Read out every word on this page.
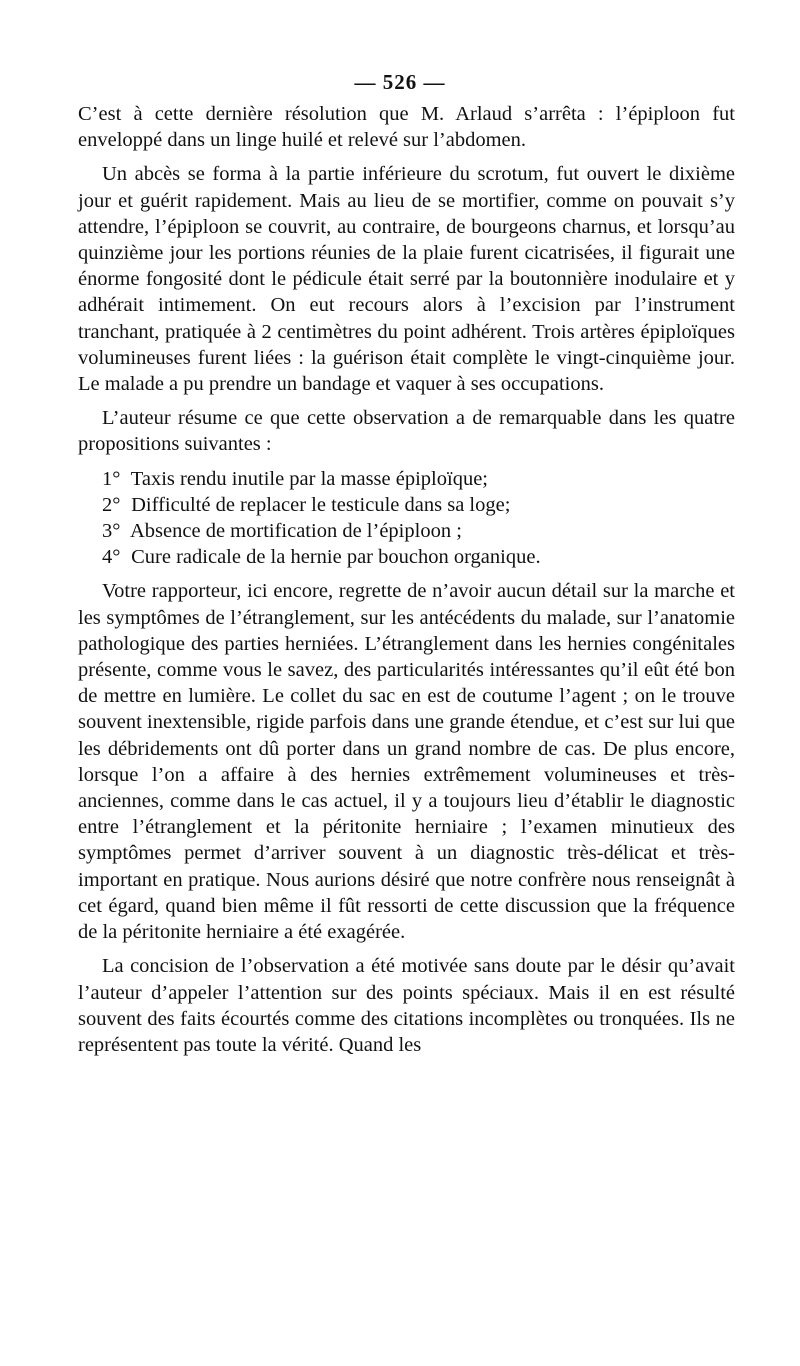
— 526 —

C’est à cette dernière résolution que M. Arlaud s’arrêta : l’épiploon fut enveloppé dans un linge huilé et relevé sur l’abdomen.

Un abcès se forma à la partie inférieure du scrotum, fut ouvert le dixième jour et guérit rapidement. Mais au lieu de se mortifier, comme on pouvait s’y attendre, l’épiploon se couvrit, au contraire, de bourgeons charnus, et lorsqu’au quinzième jour les portions réunies de la plaie furent cicatrisées, il figurait une énorme fongosité dont le pédicule était serré par la boutonnière inodulaire et y adhérait intimement. On eut recours alors à l’excision par l’instrument tranchant, pratiquée à 2 centimètres du point adhérent. Trois artères épiploïques volumineuses furent liées : la guérison était complète le vingt-cinquième jour. Le malade a pu prendre un bandage et vaquer à ses occupations.

L’auteur résume ce que cette observation a de remarquable dans les quatre propositions suivantes :

1° Taxis rendu inutile par la masse épiploïque;
2° Difficulté de replacer le testicule dans sa loge;
3° Absence de mortification de l’épiploon ;
4° Cure radicale de la hernie par bouchon organique.

Votre rapporteur, ici encore, regrette de n’avoir aucun détail sur la marche et les symptômes de l’étranglement, sur les antécédents du malade, sur l’anatomie pathologique des parties herniées. L’étranglement dans les hernies congénitales présente, comme vous le savez, des particularités intéressantes qu’il eût été bon de mettre en lumière. Le collet du sac en est de coutume l’agent ; on le trouve souvent inextensible, rigide parfois dans une grande étendue, et c’est sur lui que les débridements ont dû porter dans un grand nombre de cas. De plus encore, lorsque l’on a affaire à des hernies extrêmement volumineuses et très-anciennes, comme dans le cas actuel, il y a toujours lieu d’établir le diagnostic entre l’étranglement et la péritonite herniaire ; l’examen minutieux des symptômes permet d’arriver souvent à un diagnostic très-délicat et très-important en pratique. Nous aurions désiré que notre confrère nous renseignât à cet égard, quand bien même il fût ressorti de cette discussion que la fréquence de la péritonite herniaire a été exagérée.

La concision de l’observation a été motivée sans doute par le désir qu’avait l’auteur d’appeler l’attention sur des points spéciaux. Mais il en est résulté souvent des faits écourtés comme des citations incomplètes ou tronquées. Ils ne représentent pas toute la vérité. Quand les
